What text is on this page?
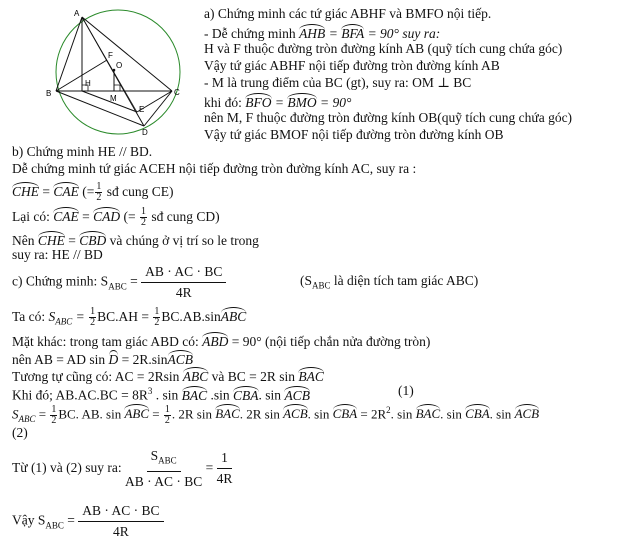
A
B	C
D
E
F
H
M
O
a) Chứng minh các tứ giác ABHF và BMFO nội tiếp.
- Dễ chứng minh AHB = BFA = 90° suy ra:
H và F thuộc đường tròn đường kính AB (quỹ tích cung chứa góc)
Vậy tứ giác ABHF nội tiếp đường tròn đường kính AB
- M là trung điểm của BC (gt), suy ra: OM ⊥ BC
khi đó: BFO = BMO = 90°
nên M, F thuộc đường tròn đường kính OB(quỹ tích cung chứa góc)
Vậy tứ giác BMOF nội tiếp đường tròn đường kính OB
b) Chứng minh HE // BD.
Dễ chứng minh tứ giác ACEH nội tiếp đường tròn đường kính AC, suy ra :
CHE = CAE (= $\frac{1}{2}$ sđ cung CE)
Lại có: CAE = CAD (= $\frac{1}{2}$ sđ cung CD)
Nên CHE = CBD và chúng ở vị trí so le trong
suy ra: HE // BD
c) Chứng minh: $S_{ABC} = \frac{AB \cdot AC \cdot BC}{4R}$	($S_{ABC}$ là diện tích tam giác ABC)
Ta có: $S_{ABC} = \frac{1}{2} BC.AH = \frac{1}{2}$ BC.AB.sinABC
Mặt khác: trong tam giác ABD có: ABD = 90° (nội tiếp chắn nửa đường tròn)
nên AB = AD sin D = 2R.sinACB
Tương tự cũng có: AC = 2Rsin ABC và BC = 2R sin BAC
Khi đó; $AB.AC.BC = 8R^3$ . sin BAC .sin CBA. sin ACB	(1)
$S_{ABC} = \frac{1}{2}$ BC. AB. sin ABC = $\frac{1}{2}$ . 2R sin BAC. 2R sin ACB. sin CBA = $2R^2$. sin BAC. sin CBA. sin ACB
(2)
Từ (1) và (2) suy ra: $\frac{S_{ABC}}{AB \cdot AC \cdot BC} = \frac{1}{4R}$
Vậy $S_{ABC} = \frac{AB \cdot AC \cdot BC}{4R}$
